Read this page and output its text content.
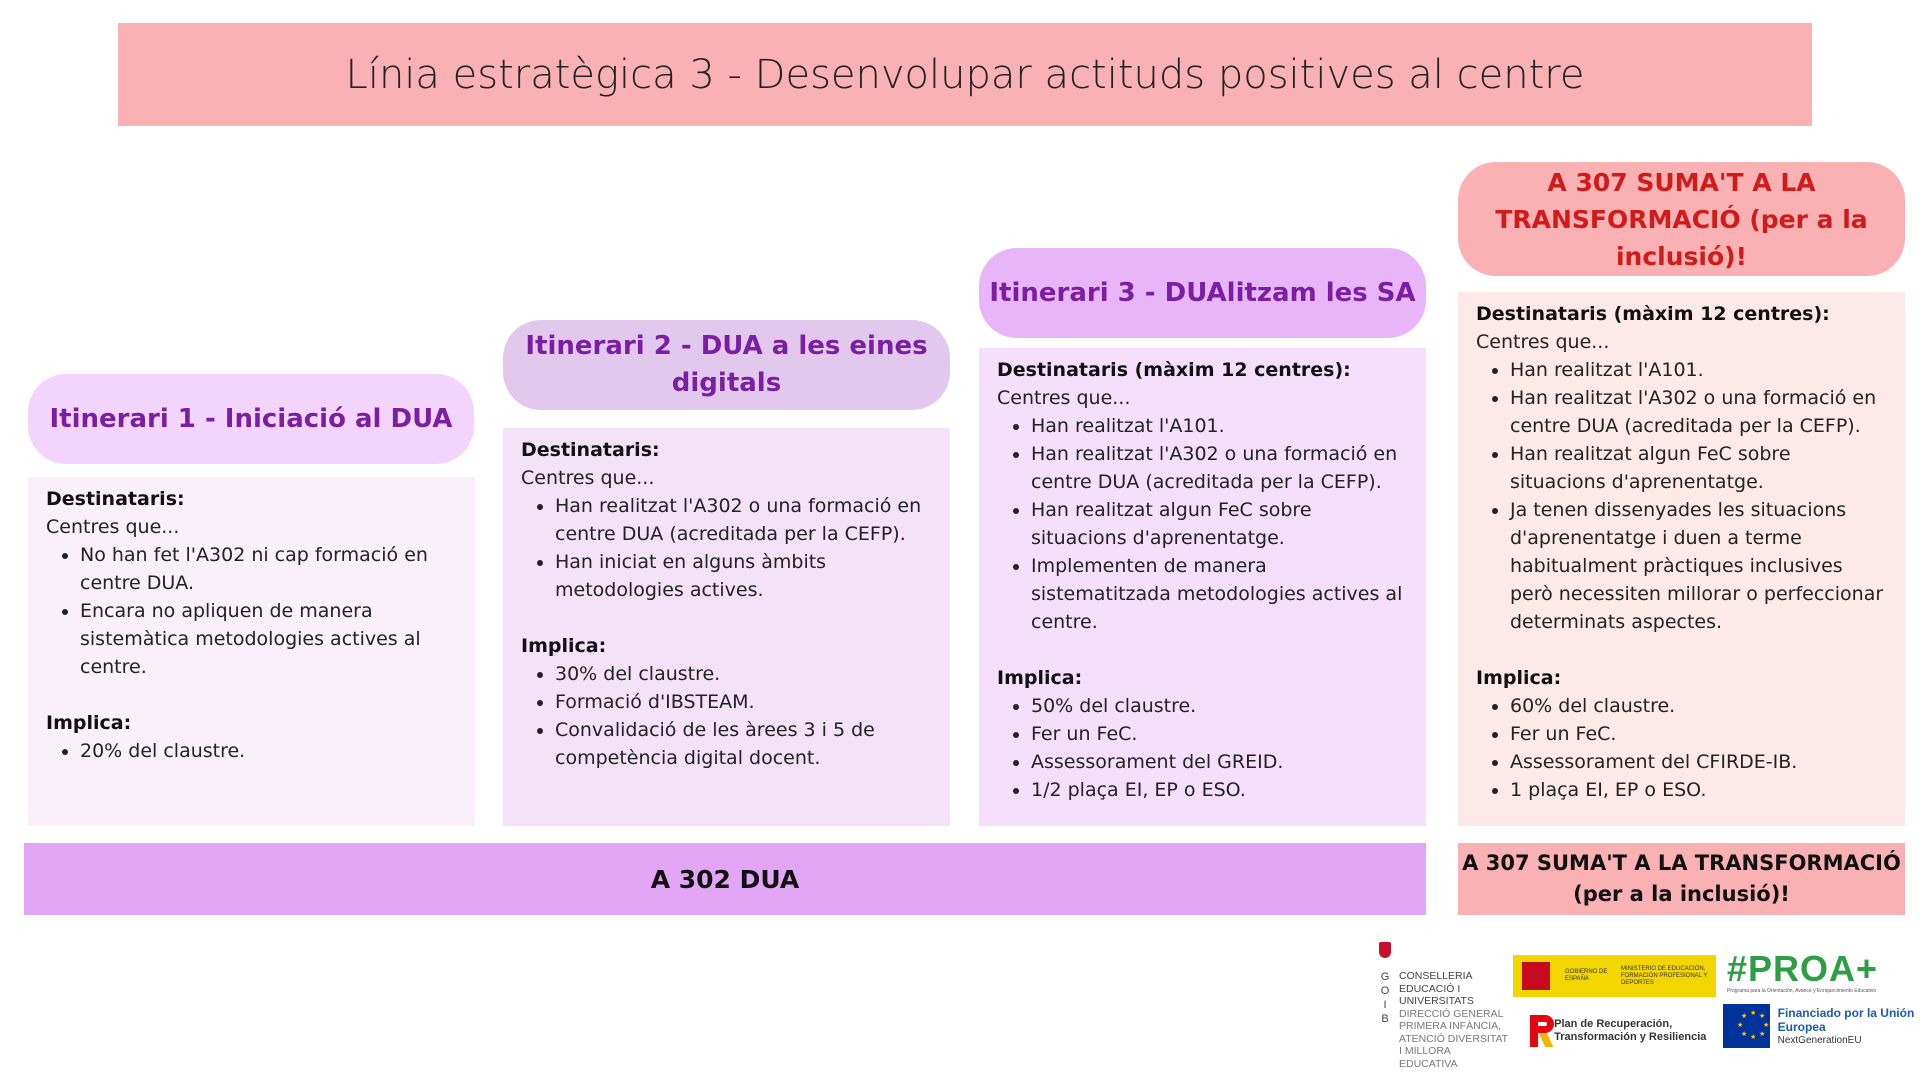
Línia estratègica 3 - Desenvolupar actituds positives al centre
Itinerari 1 - Iniciació al DUA
Itinerari 2 - DUA a les eines digitals
Itinerari 3 - DUAlitzam les SA
A 307 SUMA'T A LA TRANSFORMACIÓ (per a la inclusió)!
Destinataris:
Centres que...
• No han fet l'A302 ni cap formació en centre DUA.
• Encara no apliquen de manera sistemàtica metodologies actives al centre.
Implica:
• 20% del claustre.
Destinataris:
Centres que...
• Han realitzat l'A302 o una formació en centre DUA (acreditada per la CEFP).
• Han iniciat en alguns àmbits metodologies actives.
Implica:
• 30% del claustre.
• Formació d'IBSTEAM.
• Convalidació de les àrees 3 i 5 de competència digital docent.
Destinataris (màxim 12 centres):
Centres que...
• Han realitzat l'A101.
• Han realitzat l'A302 o una formació en centre DUA (acreditada per la CEFP).
• Han realitzat algun FeC sobre situacions d'aprenentatge.
• Implementen de manera sistematitzada metodologies actives al centre.
Implica:
• 50% del claustre.
• Fer un FeC.
• Assessorament del GREID.
• 1/2 plaça EI, EP o ESO.
Destinataris (màxim 12 centres):
Centres que...
• Han realitzat l'A101.
• Han realitzat l'A302 o una formació en centre DUA (acreditada per la CEFP).
• Han realitzat algun FeC sobre situacions d'aprenentatge.
• Ja tenen dissenyades les situacions d'aprenentatge i duen a terme habitualment pràctiques inclusives però necessiten millorar o perfeccionar determinats aspectes.
Implica:
• 60% del claustre.
• Fer un FeC.
• Assessorament del CFIRDE-IB.
• 1 plaça EI, EP o ESO.
A 302 DUA
A 307 SUMA'T A LA TRANSFORMACIÓ (per a la inclusió)!
G O I B
CONSELLERIA EDUCACIÓ I UNIVERSITATS
DIRECCIÓ GENERAL PRIMERA INFÀNCIA, ATENCIÓ DIVERSITAT I MILLORA EDUCATIVA
GOBIERNO DE ESPAÑA
MINISTERIO DE EDUCACIÓN, FORMACIÓN PROFESIONAL Y DEPORTES
Plan de Recuperación, Transformación y Resiliencia
#PROA+
Programa para la Orientación, Avance y Enriquecimiento Educativo
★ ★
★
★
★
★
★
★	Financiado por la Unión Europea
NextGenerationEU
